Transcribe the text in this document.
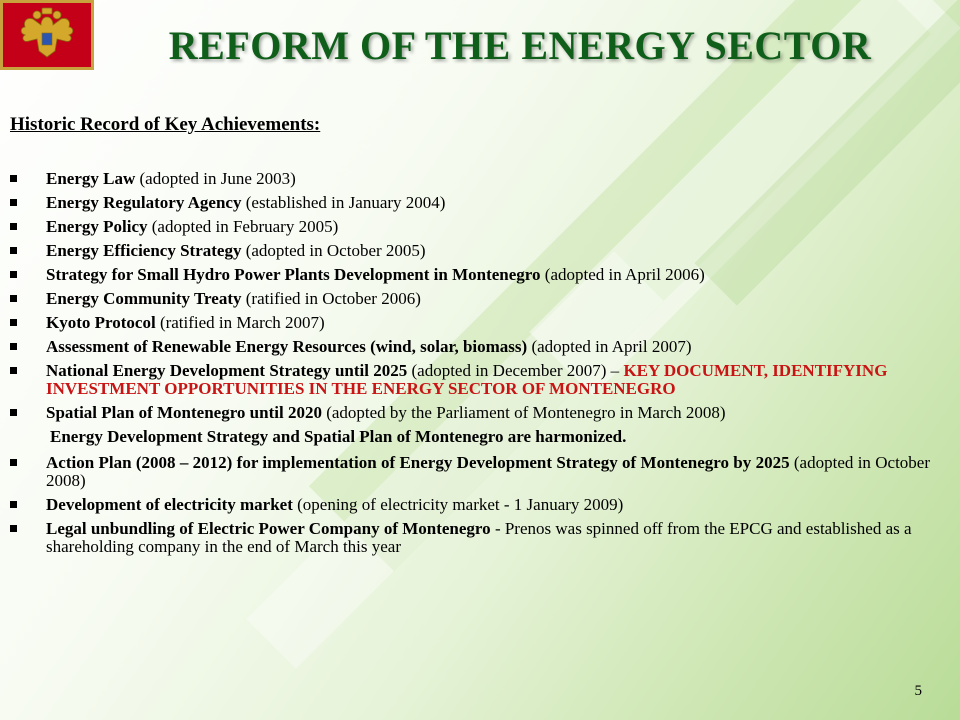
REFORM OF THE ENERGY SECTOR
Historic Record of Key Achievements:
Energy Law (adopted in June 2003)
Energy Regulatory Agency (established in January 2004)
Energy Policy (adopted in February 2005)
Energy Efficiency Strategy (adopted in October 2005)
Strategy for Small Hydro Power Plants Development in Montenegro (adopted in April 2006)
Energy Community Treaty (ratified in October 2006)
Kyoto Protocol (ratified in March 2007)
Assessment of Renewable Energy Resources (wind, solar, biomass) (adopted in April 2007)
National Energy Development Strategy until 2025 (adopted in December 2007) – KEY DOCUMENT, IDENTIFYING INVESTMENT OPPORTUNITIES IN THE ENERGY SECTOR OF MONTENEGRO
Spatial Plan of Montenegro until 2020 (adopted by the Parliament of Montenegro in March 2008)
Energy Development Strategy and Spatial Plan of Montenegro are harmonized.
Action Plan (2008 – 2012) for implementation of Energy Development Strategy of Montenegro by 2025 (adopted in October 2008)
Development of electricity market (opening of electricity market - 1 January 2009)
Legal unbundling of Electric Power Company of Montenegro - Prenos was spinned off from the EPCG and established as a shareholding company in the end of March this year
5
